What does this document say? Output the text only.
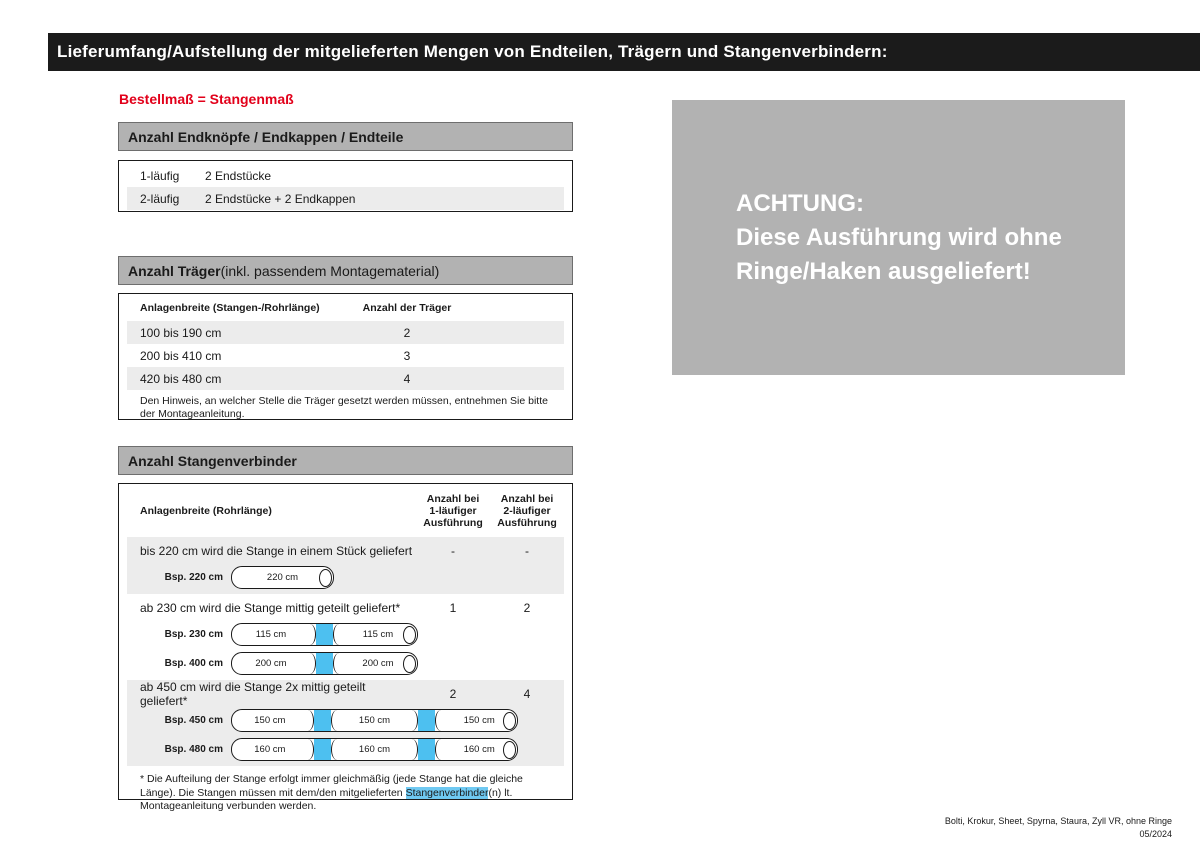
Lieferumfang/Aufstellung der mitgelieferten Mengen von Endteilen, Trägern und Stangenverbindern:
Bestellmaß = Stangenmaß
ACHTUNG:
Diese Ausführung wird ohne
Ringe/Haken ausgeliefert!
Anzahl Endknöpfe / Endkappen / Endteile
1-läufig	2 Endstücke
2-läufig	2 Endstücke + 2 Endkappen
Anzahl Träger (inkl. passendem Montagematerial)
Anlagenbreite (Stangen-/Rohrlänge)	Anzahl der Träger
100 bis 190 cm	2
200 bis 410 cm	3
420 bis 480 cm	4
Den Hinweis, an welcher Stelle die Träger gesetzt werden müssen, entnehmen Sie bitte der Montageanleitung.
Anzahl Stangenverbinder
Anlagenbreite (Rohrlänge)
Anzahl bei
1-läufiger
Ausführung
Anzahl bei
2-läufiger
Ausführung
bis 220 cm wird die Stange in einem Stück geliefert	-	-
Bsp. 220 cm	220 cm
ab 230 cm wird die Stange mittig geteilt geliefert*	1	2
Bsp. 230 cm	115 cm	115 cm
Bsp. 400 cm	200 cm	200 cm
ab 450 cm wird die Stange 2x mittig geteilt geliefert*	2	4
Bsp. 450 cm	150 cm	150 cm	150 cm
Bsp. 480 cm	160 cm	160 cm	160 cm
* Die Aufteilung der Stange erfolgt immer gleichmäßig (jede Stange hat die gleiche Länge). Die Stangen müssen mit dem/den mitgelieferten Stangenverbinder(n) lt. Montageanleitung verbunden werden.
Bolti, Krokur, Sheet, Spyrna, Staura, Zyll VR, ohne Ringe
05/2024
